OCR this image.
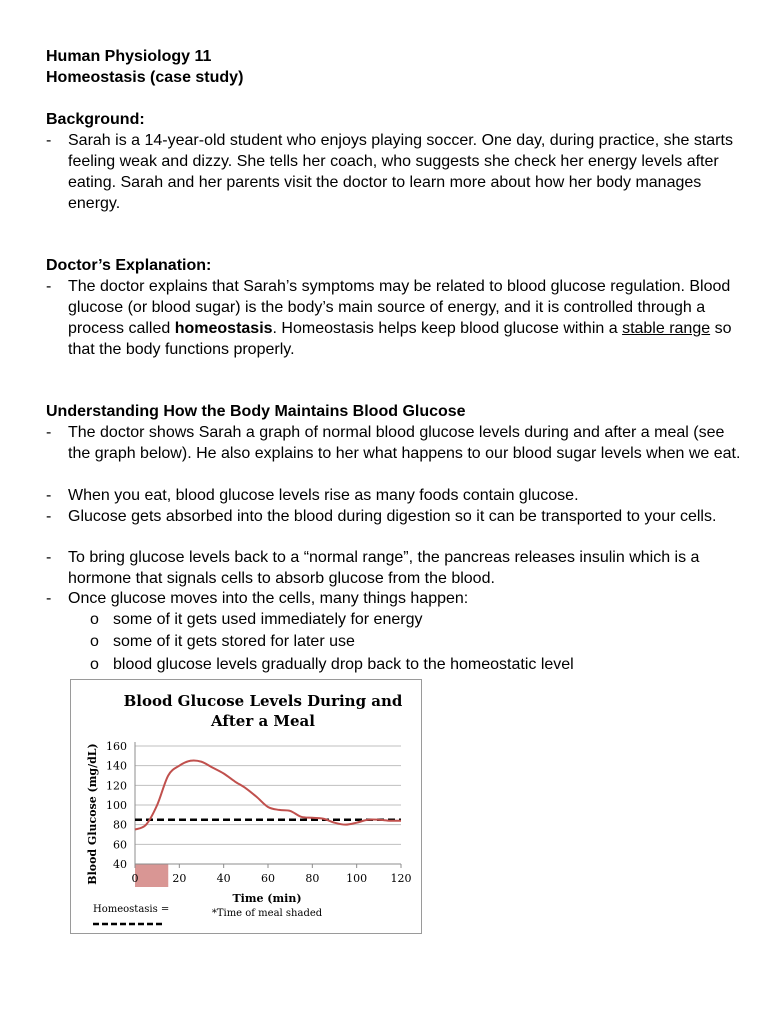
Human Physiology 11
Homeostasis (case study)
Background:
- Sarah is a 14-year-old student who enjoys playing soccer. One day, during practice, she starts feeling weak and dizzy. She tells her coach, who suggests she check her energy levels after eating. Sarah and her parents visit the doctor to learn more about how her body manages energy.
Doctor’s Explanation:
- The doctor explains that Sarah’s symptoms may be related to blood glucose regulation. Blood glucose (or blood sugar) is the body’s main source of energy, and it is controlled through a process called homeostasis. Homeostasis helps keep blood glucose within a stable range so that the body functions properly.
Understanding How the Body Maintains Blood Glucose
- The doctor shows Sarah a graph of normal blood glucose levels during and after a meal (see the graph below). He also explains to her what happens to our blood sugar levels when we eat.
- When you eat, blood glucose levels rise as many foods contain glucose.
- Glucose gets absorbed into the blood during digestion so it can be transported to your cells.
- To bring glucose levels back to a “normal range”, the pancreas releases insulin which is a hormone that signals cells to absorb glucose from the blood.
- Once glucose moves into the cells, many things happen:
o some of it gets used immediately for energy
o some of it gets stored for later use
o blood glucose levels gradually drop back to the homeostatic level
Blood Glucose Levels During and
After a Meal
Blood Glucose (mg/dL)
Time (min)
Homeostasis =	*Time of meal shaded
40
60
80
100
120
140
160
0	20	40	60	80 100 120
